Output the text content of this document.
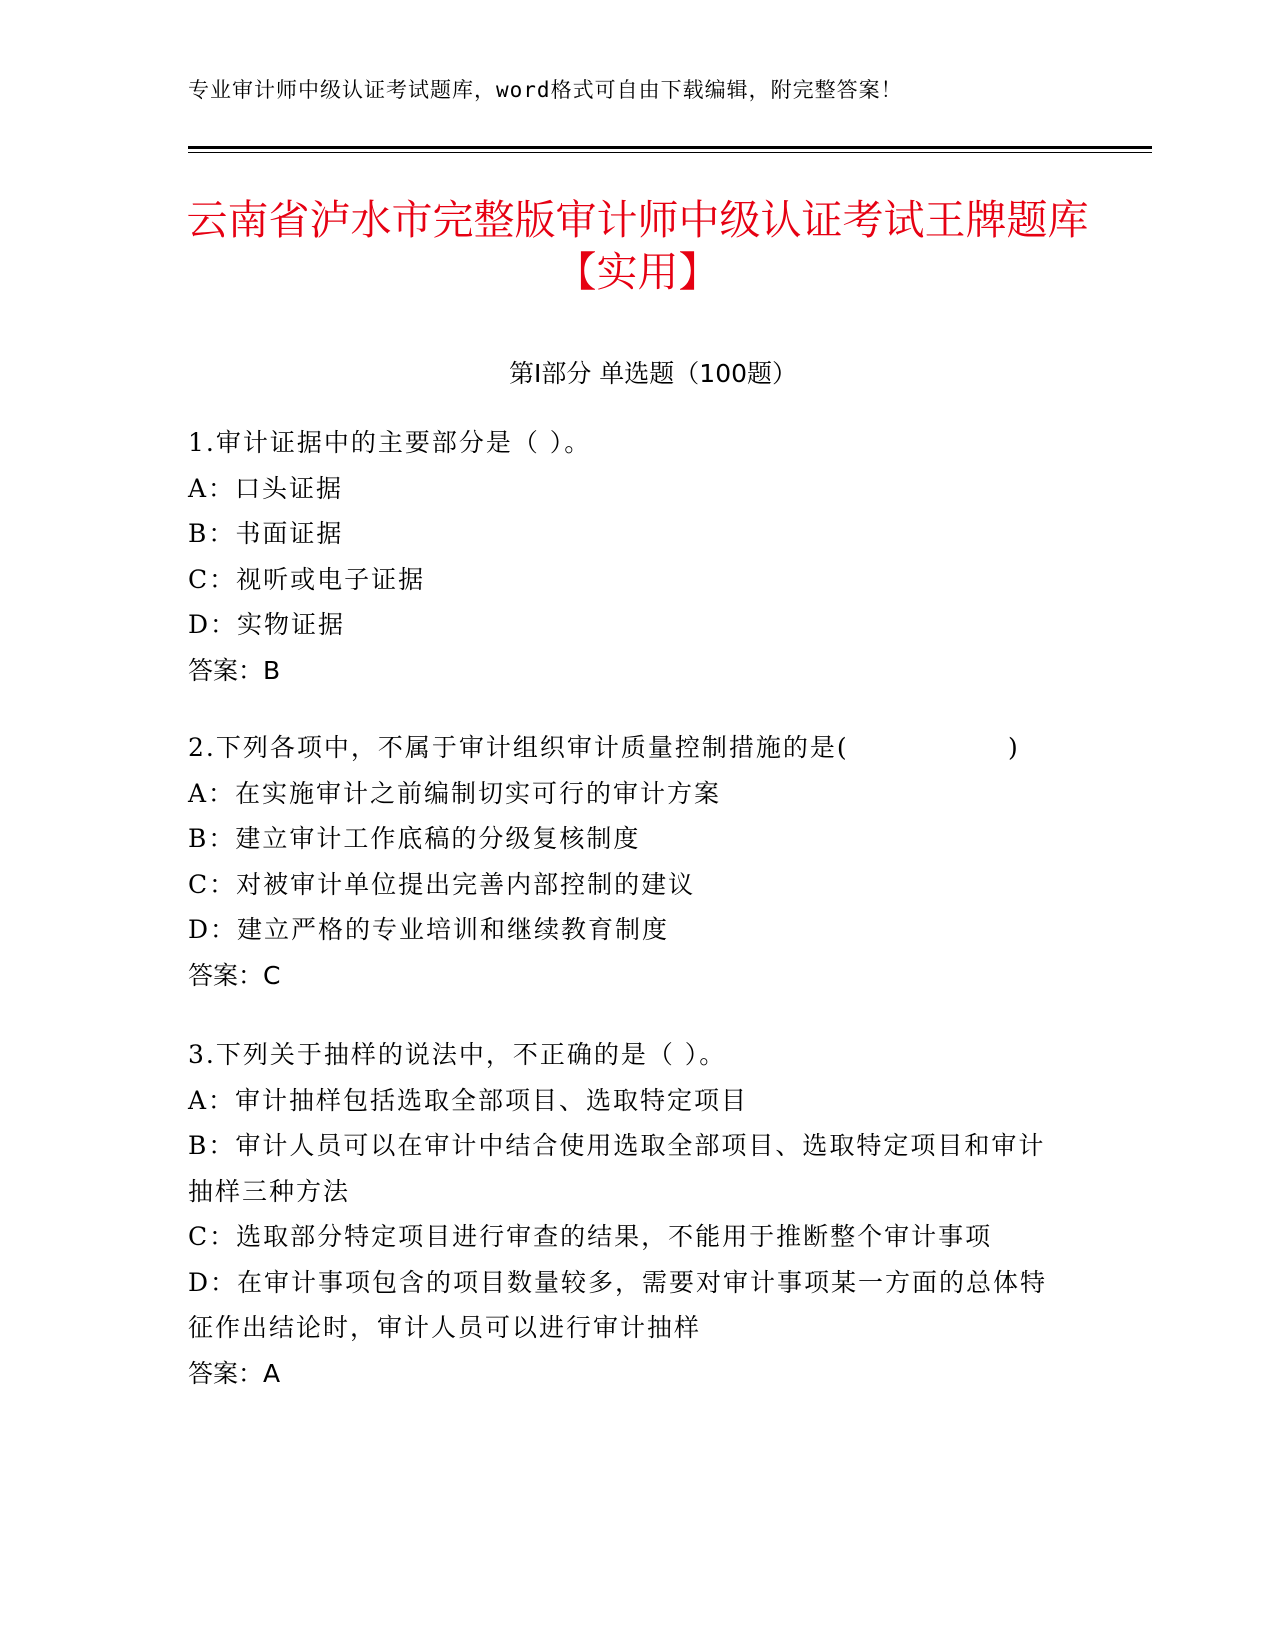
专业审计师中级认证考试题库，word格式可自由下载编辑，附完整答案！
云南省泸水市完整版审计师中级认证考试王牌题库【实用】
第Ⅰ部分 单选题（100题）
1.审计证据中的主要部分是（ ）。
A：口头证据
B：书面证据
C：视听或电子证据
D：实物证据
答案：B
2.下列各项中，不属于审计组织审计质量控制措施的是(	)
A：在实施审计之前编制切实可行的审计方案
B：建立审计工作底稿的分级复核制度
C：对被审计单位提出完善内部控制的建议
D：建立严格的专业培训和继续教育制度
答案：C
3.下列关于抽样的说法中，不正确的是（ ）。
A：审计抽样包括选取全部项目、选取特定项目
B：审计人员可以在审计中结合使用选取全部项目、选取特定项目和审计抽样三种方法
C：选取部分特定项目进行审查的结果，不能用于推断整个审计事项
D：在审计事项包含的项目数量较多，需要对审计事项某一方面的总体特征作出结论时，审计人员可以进行审计抽样
答案：A
